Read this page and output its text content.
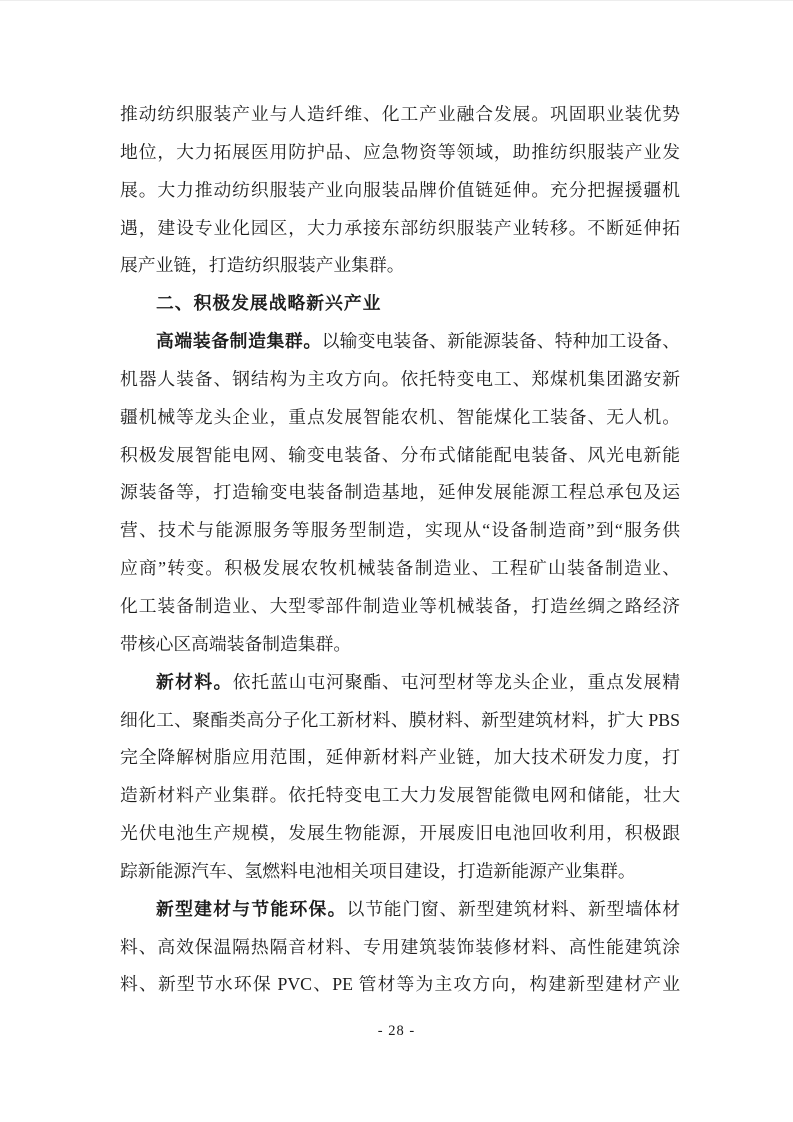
推动纺织服装产业与人造纤维、化工产业融合发展。巩固职业装优势
地位，大力拓展医用防护品、应急物资等领域，助推纺织服装产业发
展。大力推动纺织服装产业向服装品牌价值链延伸。充分把握援疆机
遇，建设专业化园区，大力承接东部纺织服装产业转移。不断延伸拓
展产业链，打造纺织服装产业集群。
二、积极发展战略新兴产业
高端装备制造集群。以输变电装备、新能源装备、特种加工设备、
机器人装备、钢结构为主攻方向。依托特变电工、郑煤机集团潞安新
疆机械等龙头企业，重点发展智能农机、智能煤化工装备、无人机。
积极发展智能电网、输变电装备、分布式储能配电装备、风光电新能
源装备等，打造输变电装备制造基地，延伸发展能源工程总承包及运
营、技术与能源服务等服务型制造，实现从“设备制造商”到“服务供
应商”转变。积极发展农牧机械装备制造业、工程矿山装备制造业、
化工装备制造业、大型零部件制造业等机械装备，打造丝绸之路经济
带核心区高端装备制造集群。
新材料。依托蓝山屯河聚酯、屯河型材等龙头企业，重点发展精
细化工、聚酯类高分子化工新材料、膜材料、新型建筑材料，扩大 PBS
完全降解树脂应用范围，延伸新材料产业链，加大技术研发力度，打
造新材料产业集群。依托特变电工大力发展智能微电网和储能，壮大
光伏电池生产规模，发展生物能源，开展废旧电池回收利用，积极跟
踪新能源汽车、氢燃料电池相关项目建设，打造新能源产业集群。
新型建材与节能环保。以节能门窗、新型建筑材料、新型墙体材
料、高效保温隔热隔音材料、专用建筑装饰装修材料、高性能建筑涂
料、新型节水环保 PVC、PE 管材等为主攻方向，构建新型建材产业
- 28 -
